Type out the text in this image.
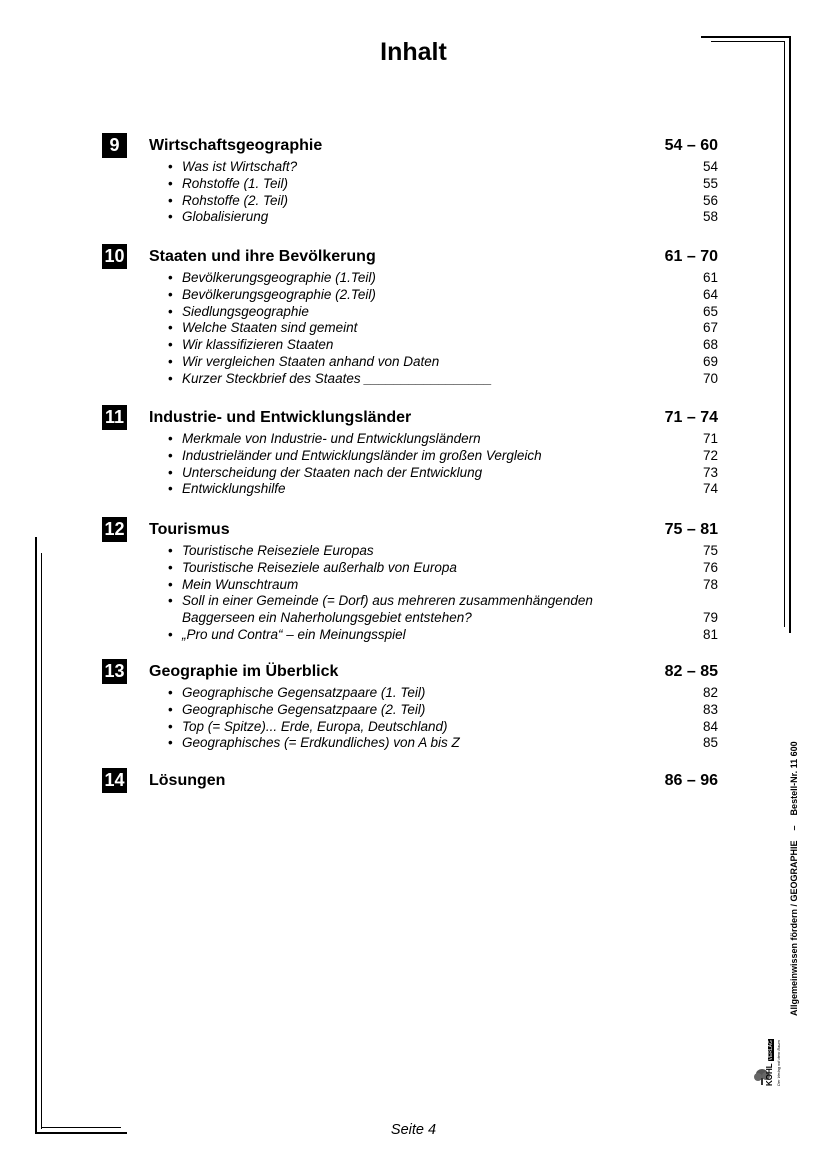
Inhalt
9	Wirtschaftsgeographie	54 – 60
• Was ist Wirtschaft?	54
• Rohstoffe (1. Teil)	55
• Rohstoffe (2. Teil)	56
• Globalisierung	58
10 Staaten und ihre Bevölkerung	61 – 70
• Bevölkerungsgeographie (1.Teil)	61
• Bevölkerungsgeographie (2.Teil)	64
• Siedlungsgeographie	65
• Welche Staaten sind gemeint	67
• Wir klassifizieren Staaten	68
• Wir vergleichen Staaten anhand von Daten	69
• Kurzer Steckbrief des Staates _________________	70
11 Industrie- und Entwicklungsländer	71 – 74
• Merkmale von Industrie- und Entwicklungsländern	71
• Industrieländer und Entwicklungsländer im großen Vergleich	72
• Unterscheidung der Staaten nach der Entwicklung	73
• Entwicklungshilfe	74
12 Tourismus	75 – 81
• Touristische Reiseziele Europas	75
• Touristische Reiseziele außerhalb von Europa	76
• Mein Wunschtraum	78
• Soll in einer Gemeinde (= Dorf) aus mehreren zusammenhängenden Baggerseen ein Naherholungsgebiet entstehen?	79
• „Pro und Contra“ – ein Meinungsspiel	81
13 Geographie im Überblick	82 – 85
• Geographische Gegensatzpaare (1. Teil)	82
• Geographische Gegensatzpaare (2. Teil)	83
• Top (= Spitze)... Erde, Europa, Deutschland)	84
• Geographisches (= Erdkundliches) von A bis Z	85
14 Lösungen	86 – 96
Seite 4
Allgemeinwissen fördern / GEOGRAPHIE–Bestell-Nr. 11 600
KOHL VERLAG Der Verlag mit dem Baum
